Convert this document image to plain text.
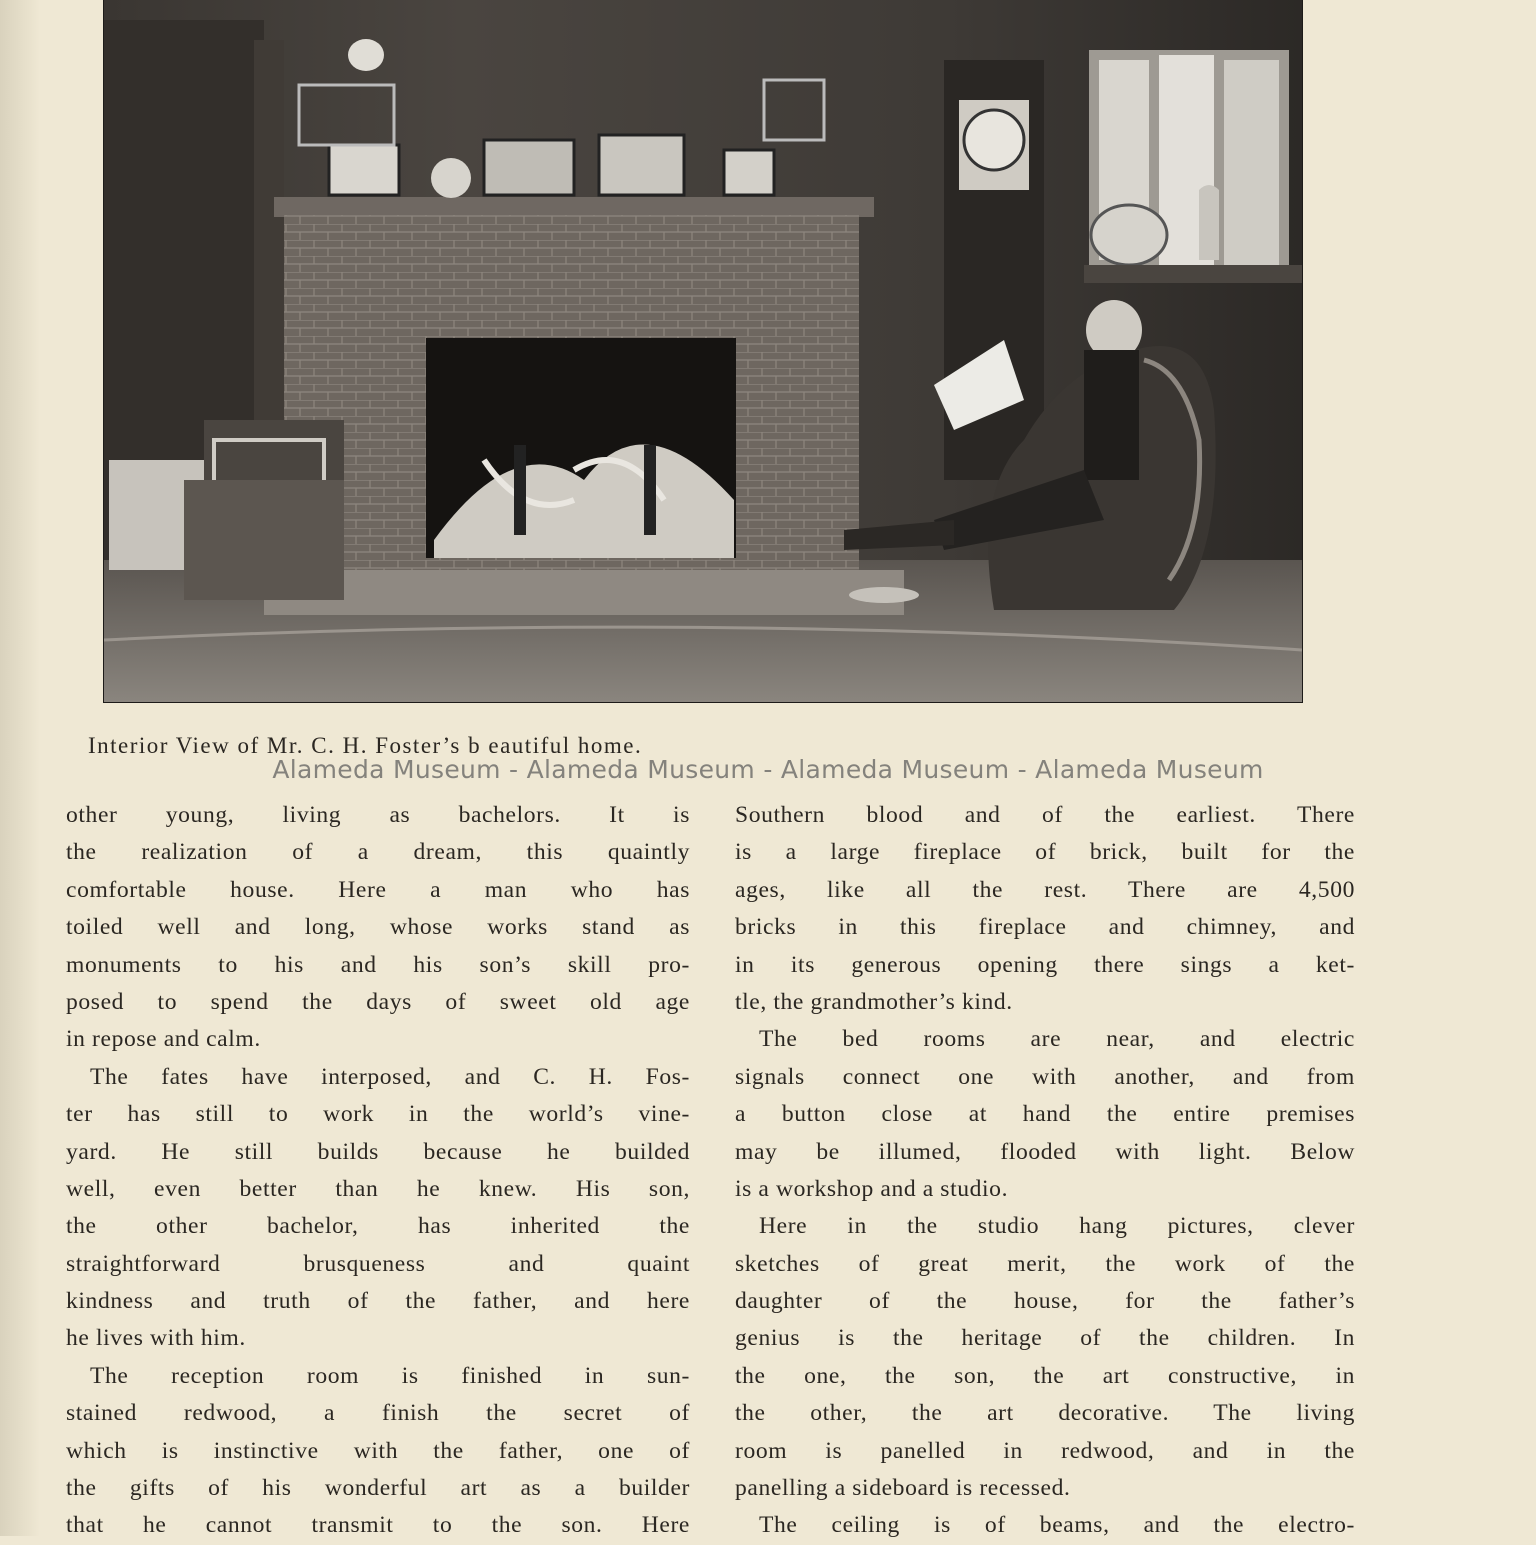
Interior View of Mr. C. H. Foster’s b eautiful home.
Alameda Museum - Alameda Museum - Alameda Museum - Alameda Museum

other young, living as bachelors. It is
the realization of a dream, this quaintly
comfortable house. Here a man who has
toiled well and long, whose works stand as
monuments to his and his son’s skill pro-
posed to spend the days of sweet old age
in repose and calm.

The fates have interposed, and C. H. Fos-
ter has still to work in the world’s vine-
yard. He still builds because he builded
well, even better than he knew. His son,
the other bachelor, has inherited the
straightforward brusqueness and quaint
kindness and truth of the father, and here
he lives with him.

The reception room is finished in sun-
stained redwood, a finish the secret of
which is instinctive with the father, one of
the gifts of his wonderful art as a builder
that he cannot transmit to the son. Here

Southern blood and of the earliest. There
is a large fireplace of brick, built for the
ages, like all the rest. There are 4,500
bricks in this fireplace and chimney, and
in its generous opening there sings a ket-
tle, the grandmother’s kind.

The bed rooms are near, and electric
signals connect one with another, and from
a button close at hand the entire premises
may be illumed, flooded with light. Below
is a workshop and a studio.

Here in the studio hang pictures, clever
sketches of great merit, the work of the
daughter of the house, for the father’s
genius is the heritage of the children. In
the one, the son, the art constructive, in
the other, the art decorative. The living
room is panelled in redwood, and in the
panelling a sideboard is recessed.

The ceiling is of beams, and the electro-
